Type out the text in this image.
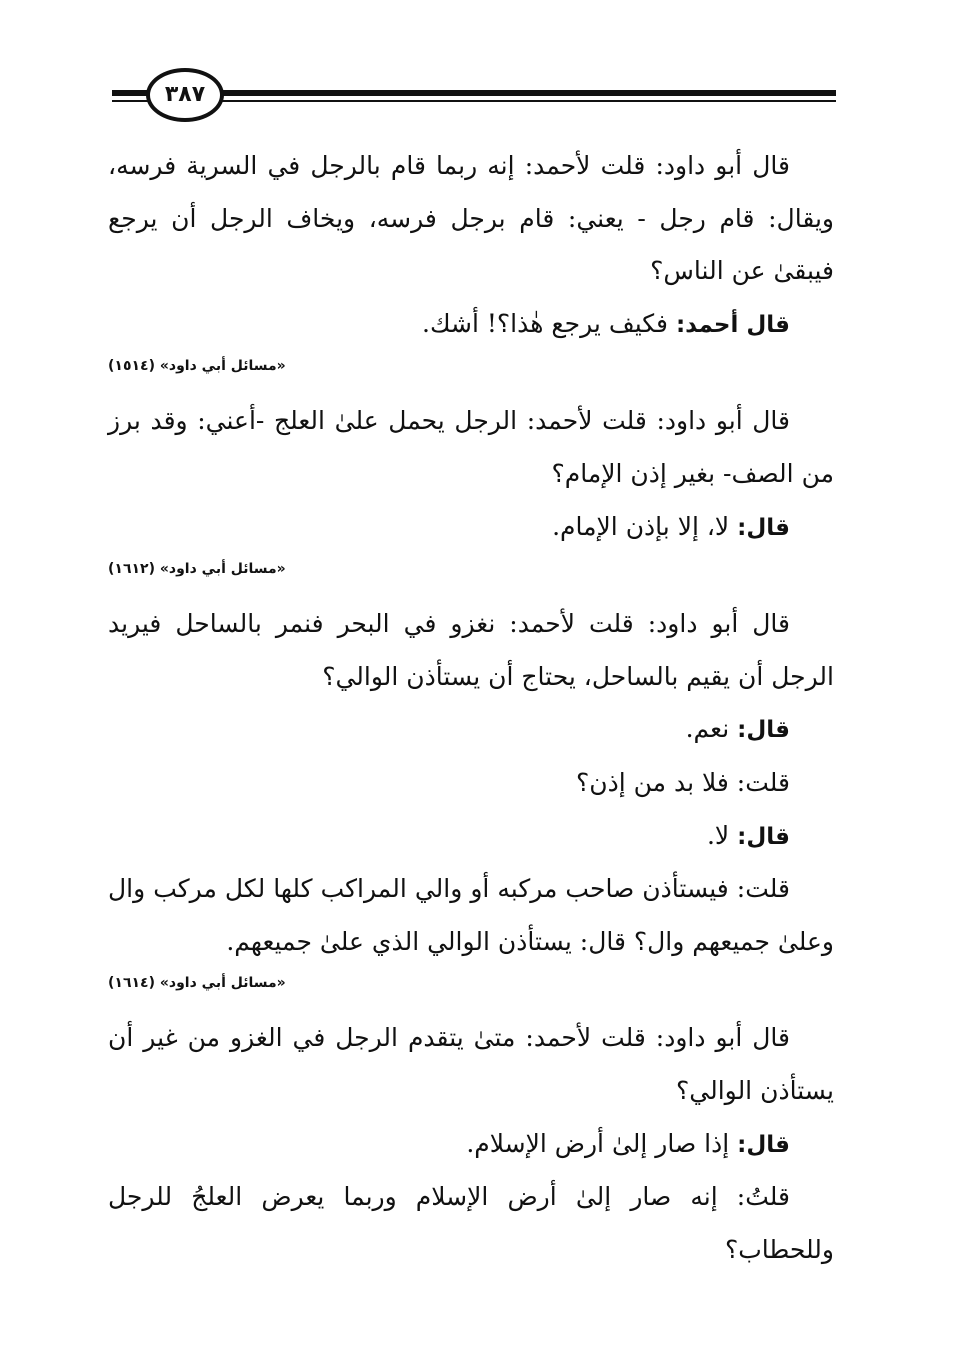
٣٨٧

قال أبو داود: قلت لأحمد: إنه ربما قام بالرجل في السرية فرسه، ويقال: قام رجل - يعني: قام برجل فرسه، ويخاف الرجل أن يرجع فيبقىٰ عن الناس؟

قال أحمد: فكيف يرجع هٰذا؟! أشك.

«مسائل أبي داود» (١٥١٤)

قال أبو داود: قلت لأحمد: الرجل يحمل علىٰ العلج -أعني: وقد برز من الصف- بغير إذن الإمام؟

قال: لا، إلا بإذن الإمام.

«مسائل أبي داود» (١٦١٢)

قال أبو داود: قلت لأحمد: نغزو في البحر فنمر بالساحل فيريد الرجل أن يقيم بالساحل، يحتاج أن يستأذن الوالي؟

قال: نعم.

قلت: فلا بد من إذن؟

قال: لا.

قلت: فيستأذن صاحب مركبه أو والي المراكب كلها لكل مركب وال وعلىٰ جميعهم وال؟ قال: يستأذن الوالي الذي علىٰ جميعهم.

«مسائل أبي داود» (١٦١٤)

قال أبو داود: قلت لأحمد: متىٰ يتقدم الرجل في الغزو من غير أن يستأذن الوالي؟

قال: إذا صار إلىٰ أرض الإسلام.

قلتُ: إنه صار إلىٰ أرض الإسلام وربما يعرض العلجُ للرجل وللحطاب؟
